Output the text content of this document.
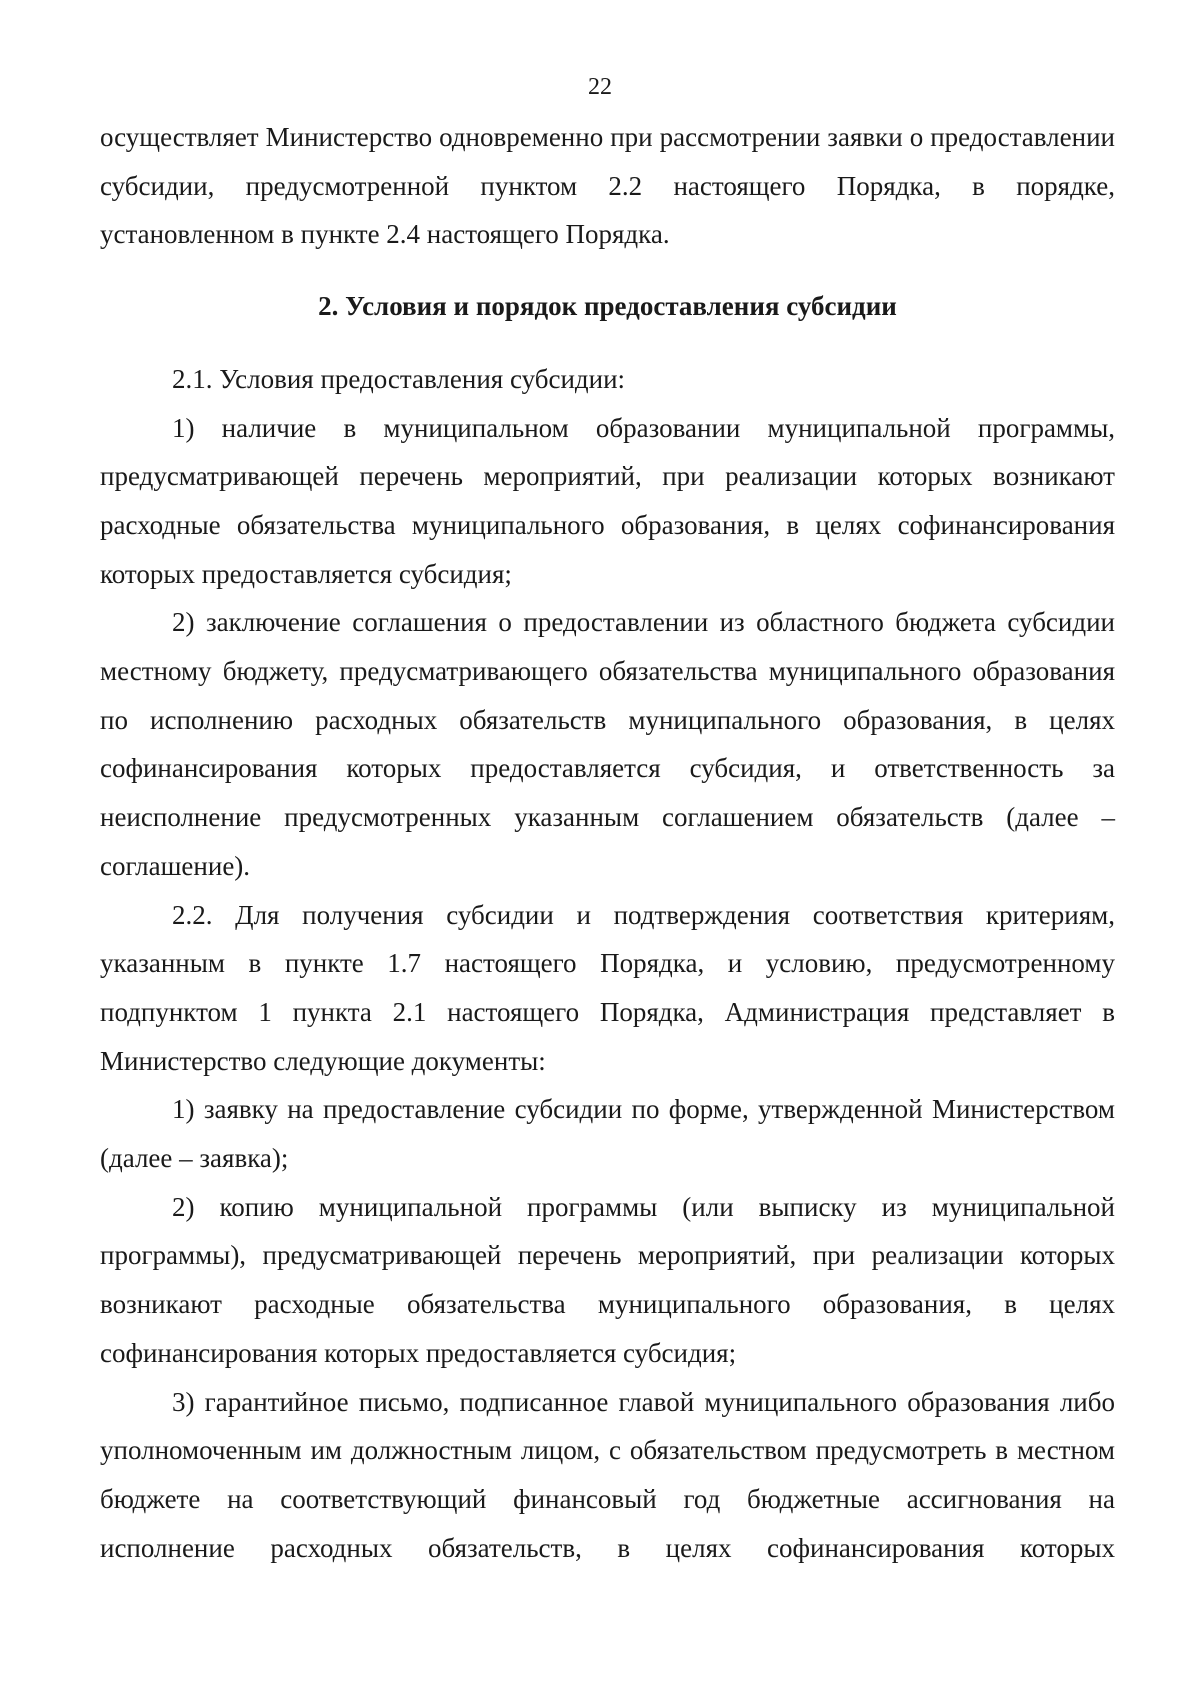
22

осуществляет Министерство одновременно при рассмотрении заявки о предоставлении субсидии, предусмотренной пунктом 2.2 настоящего Порядка, в порядке, установленном в пункте 2.4 настоящего Порядка.

2. Условия и порядок предоставления субсидии

2.1. Условия предоставления субсидии:

1) наличие в муниципальном образовании муниципальной программы, предусматривающей перечень мероприятий, при реализации которых возникают расходные обязательства муниципального образования, в целях софинансирования которых предоставляется субсидия;

2) заключение соглашения о предоставлении из областного бюджета субсидии местному бюджету, предусматривающего обязательства муниципального образования по исполнению расходных обязательств муниципального образования, в целях софинансирования которых предоставляется субсидия, и ответственность за неисполнение предусмотренных указанным соглашением обязательств (далее – соглашение).

2.2. Для получения субсидии и подтверждения соответствия критериям, указанным в пункте 1.7 настоящего Порядка, и условию, предусмотренному подпунктом 1 пункта 2.1 настоящего Порядка, Администрация представляет в Министерство следующие документы:

1) заявку на предоставление субсидии по форме, утвержденной Министерством (далее – заявка);

2) копию муниципальной программы (или выписку из муниципальной программы), предусматривающей перечень мероприятий, при реализации которых возникают расходные обязательства муниципального образования, в целях софинансирования которых предоставляется субсидия;

3) гарантийное письмо, подписанное главой муниципального образования либо уполномоченным им должностным лицом, с обязательством предусмотреть в местном бюджете на соответствующий финансовый год бюджетные ассигнования на исполнение расходных обязательств, в целях софинансирования которых
